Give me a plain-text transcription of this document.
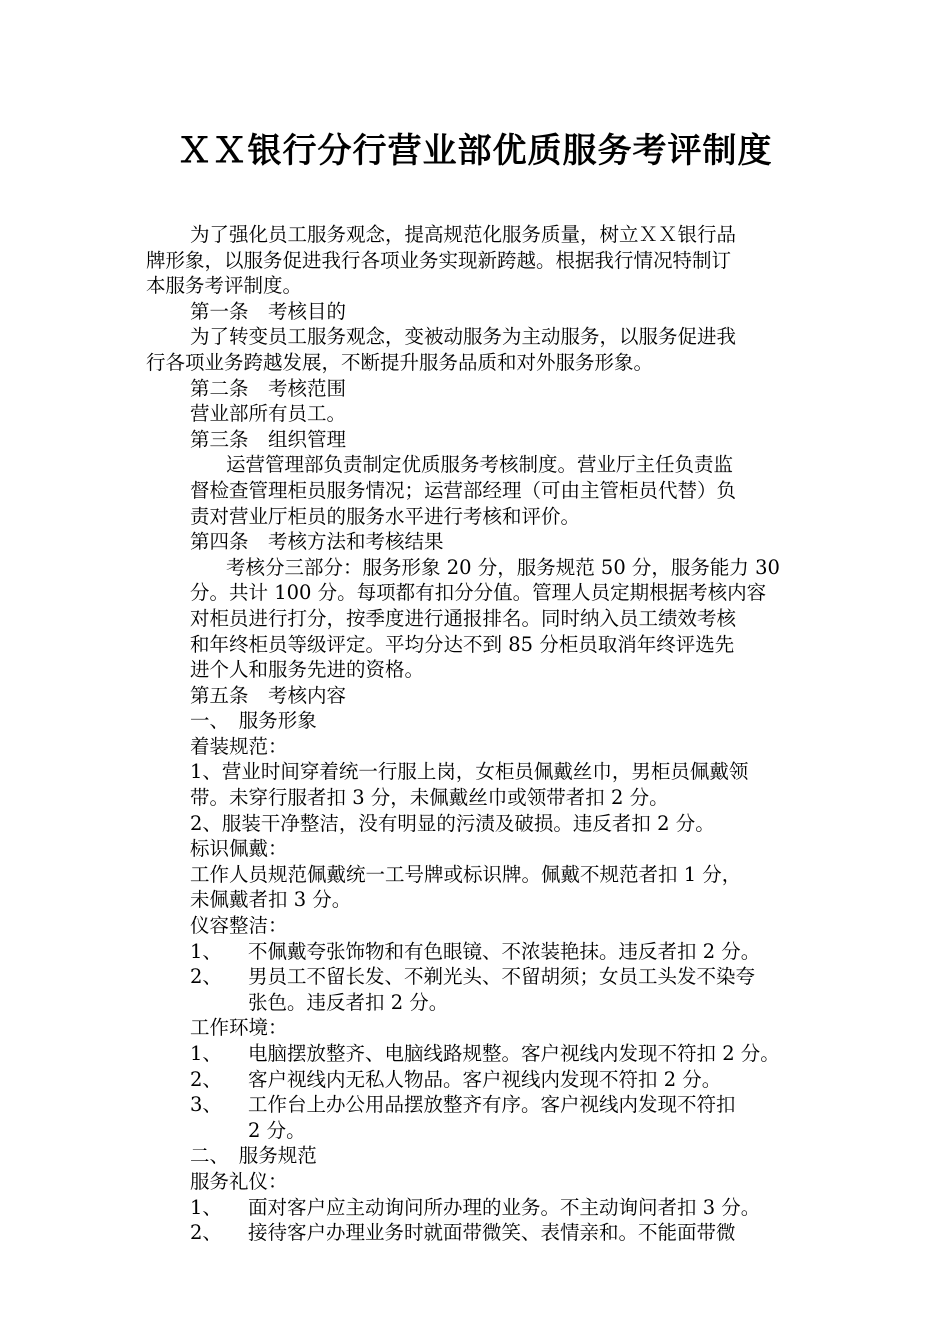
ＸＸ银行分行营业部优质服务考评制度
为了强化员工服务观念，提高规范化服务质量，树立ＸＸ银行品
牌形象，以服务促进我行各项业务实现新跨越。根据我行情况特制订
本服务考评制度。
第一条　考核目的
为了转变员工服务观念，变被动服务为主动服务，以服务促进我
行各项业务跨越发展，不断提升服务品质和对外服务形象。
第二条　考核范围
营业部所有员工。
第三条　组织管理
运营管理部负责制定优质服务考核制度。营业厅主任负责监
督检查管理柜员服务情况；运营部经理（可由主管柜员代替）负
责对营业厅柜员的服务水平进行考核和评价。
第四条　考核方法和考核结果
考核分三部分：服务形象 20 分，服务规范 50 分，服务能力 30
分。共计 100 分。每项都有扣分分值。管理人员定期根据考核内容
对柜员进行打分，按季度进行通报排名。同时纳入员工绩效考核
和年终柜员等级评定。平均分达不到 85 分柜员取消年终评选先
进个人和服务先进的资格。
第五条　考核内容
一、　服务形象
着装规范：
1、营业时间穿着统一行服上岗，女柜员佩戴丝巾，男柜员佩戴领
带。未穿行服者扣 3 分，未佩戴丝巾或领带者扣 2 分。
2、服装干净整洁，没有明显的污渍及破损。违反者扣 2 分。
标识佩戴：
工作人员规范佩戴统一工号牌或标识牌。佩戴不规范者扣 1 分，
未佩戴者扣 3 分。
仪容整洁：
1、 不佩戴夸张饰物和有色眼镜、不浓装艳抹。违反者扣 2 分。
2、 男员工不留长发、不剃光头、不留胡须；女员工头发不染夸
张色。违反者扣 2 分。
工作环境：
1、 电脑摆放整齐、电脑线路规整。客户视线内发现不符扣 2 分。
2、 客户视线内无私人物品。客户视线内发现不符扣 2 分。
3、 工作台上办公用品摆放整齐有序。客户视线内发现不符扣
2 分。
二、　服务规范
服务礼仪：
1、 面对客户应主动询问所办理的业务。不主动询问者扣 3 分。
2、 接待客户办理业务时就面带微笑、表情亲和。不能面带微
